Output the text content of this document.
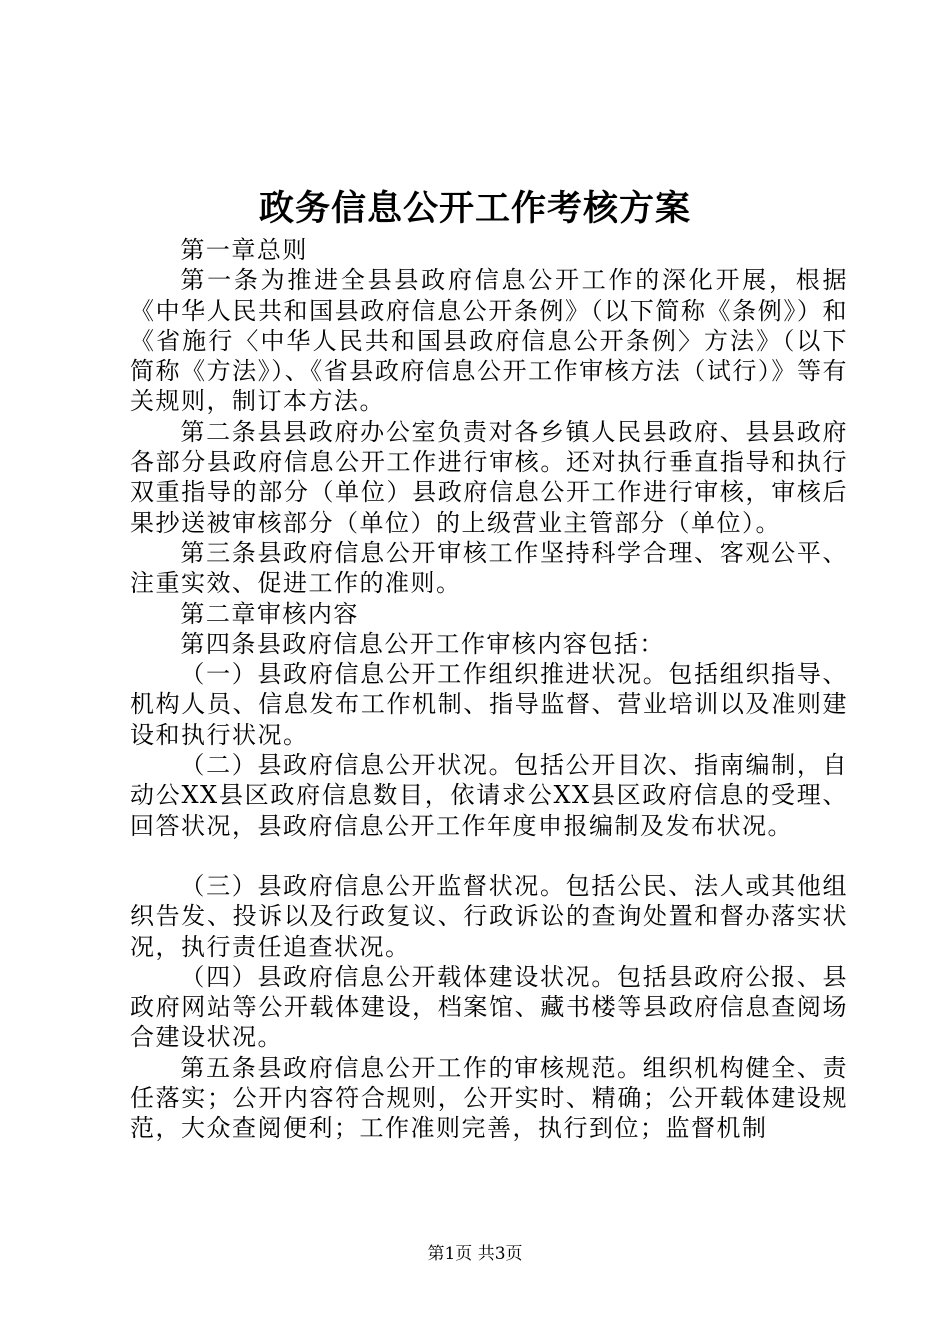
政务信息公开工作考核方案

第一章总则

第一条为推进全县县政府信息公开工作的深化开展，根据《中华人民共和国县政府信息公开条例》（以下简称《条例》）和《省施行〈中华人民共和国县政府信息公开条例〉方法》（以下简称《方法》）、《省县政府信息公开工作审核方法（试行）》等有关规则，制订本方法。

第二条县县政府办公室负责对各乡镇人民县政府、县县政府各部分县政府信息公开工作进行审核。还对执行垂直指导和执行双重指导的部分（单位）县政府信息公开工作进行审核，审核后果抄送被审核部分（单位）的上级营业主管部分（单位）。

第三条县政府信息公开审核工作坚持科学合理、客观公平、注重实效、促进工作的准则。

第二章审核内容

第四条县政府信息公开工作审核内容包括：

（一）县政府信息公开工作组织推进状况。包括组织指导、机构人员、信息发布工作机制、指导监督、营业培训以及准则建设和执行状况。

（二）县政府信息公开状况。包括公开目次、指南编制，自动公XX县区政府信息数目，依请求公XX县区政府信息的受理、回答状况，县政府信息公开工作年度申报编制及发布状况。

（三）县政府信息公开监督状况。包括公民、法人或其他组织告发、投诉以及行政复议、行政诉讼的查询处置和督办落实状况，执行责任追查状况。

（四）县政府信息公开载体建设状况。包括县政府公报、县政府网站等公开载体建设，档案馆、藏书楼等县政府信息查阅场合建设状况。

第五条县政府信息公开工作的审核规范。组织机构健全、责任落实；公开内容符合规则，公开实时、精确；公开载体建设规范，大众查阅便利；工作准则完善，执行到位；监督机制

第1页 共3页
